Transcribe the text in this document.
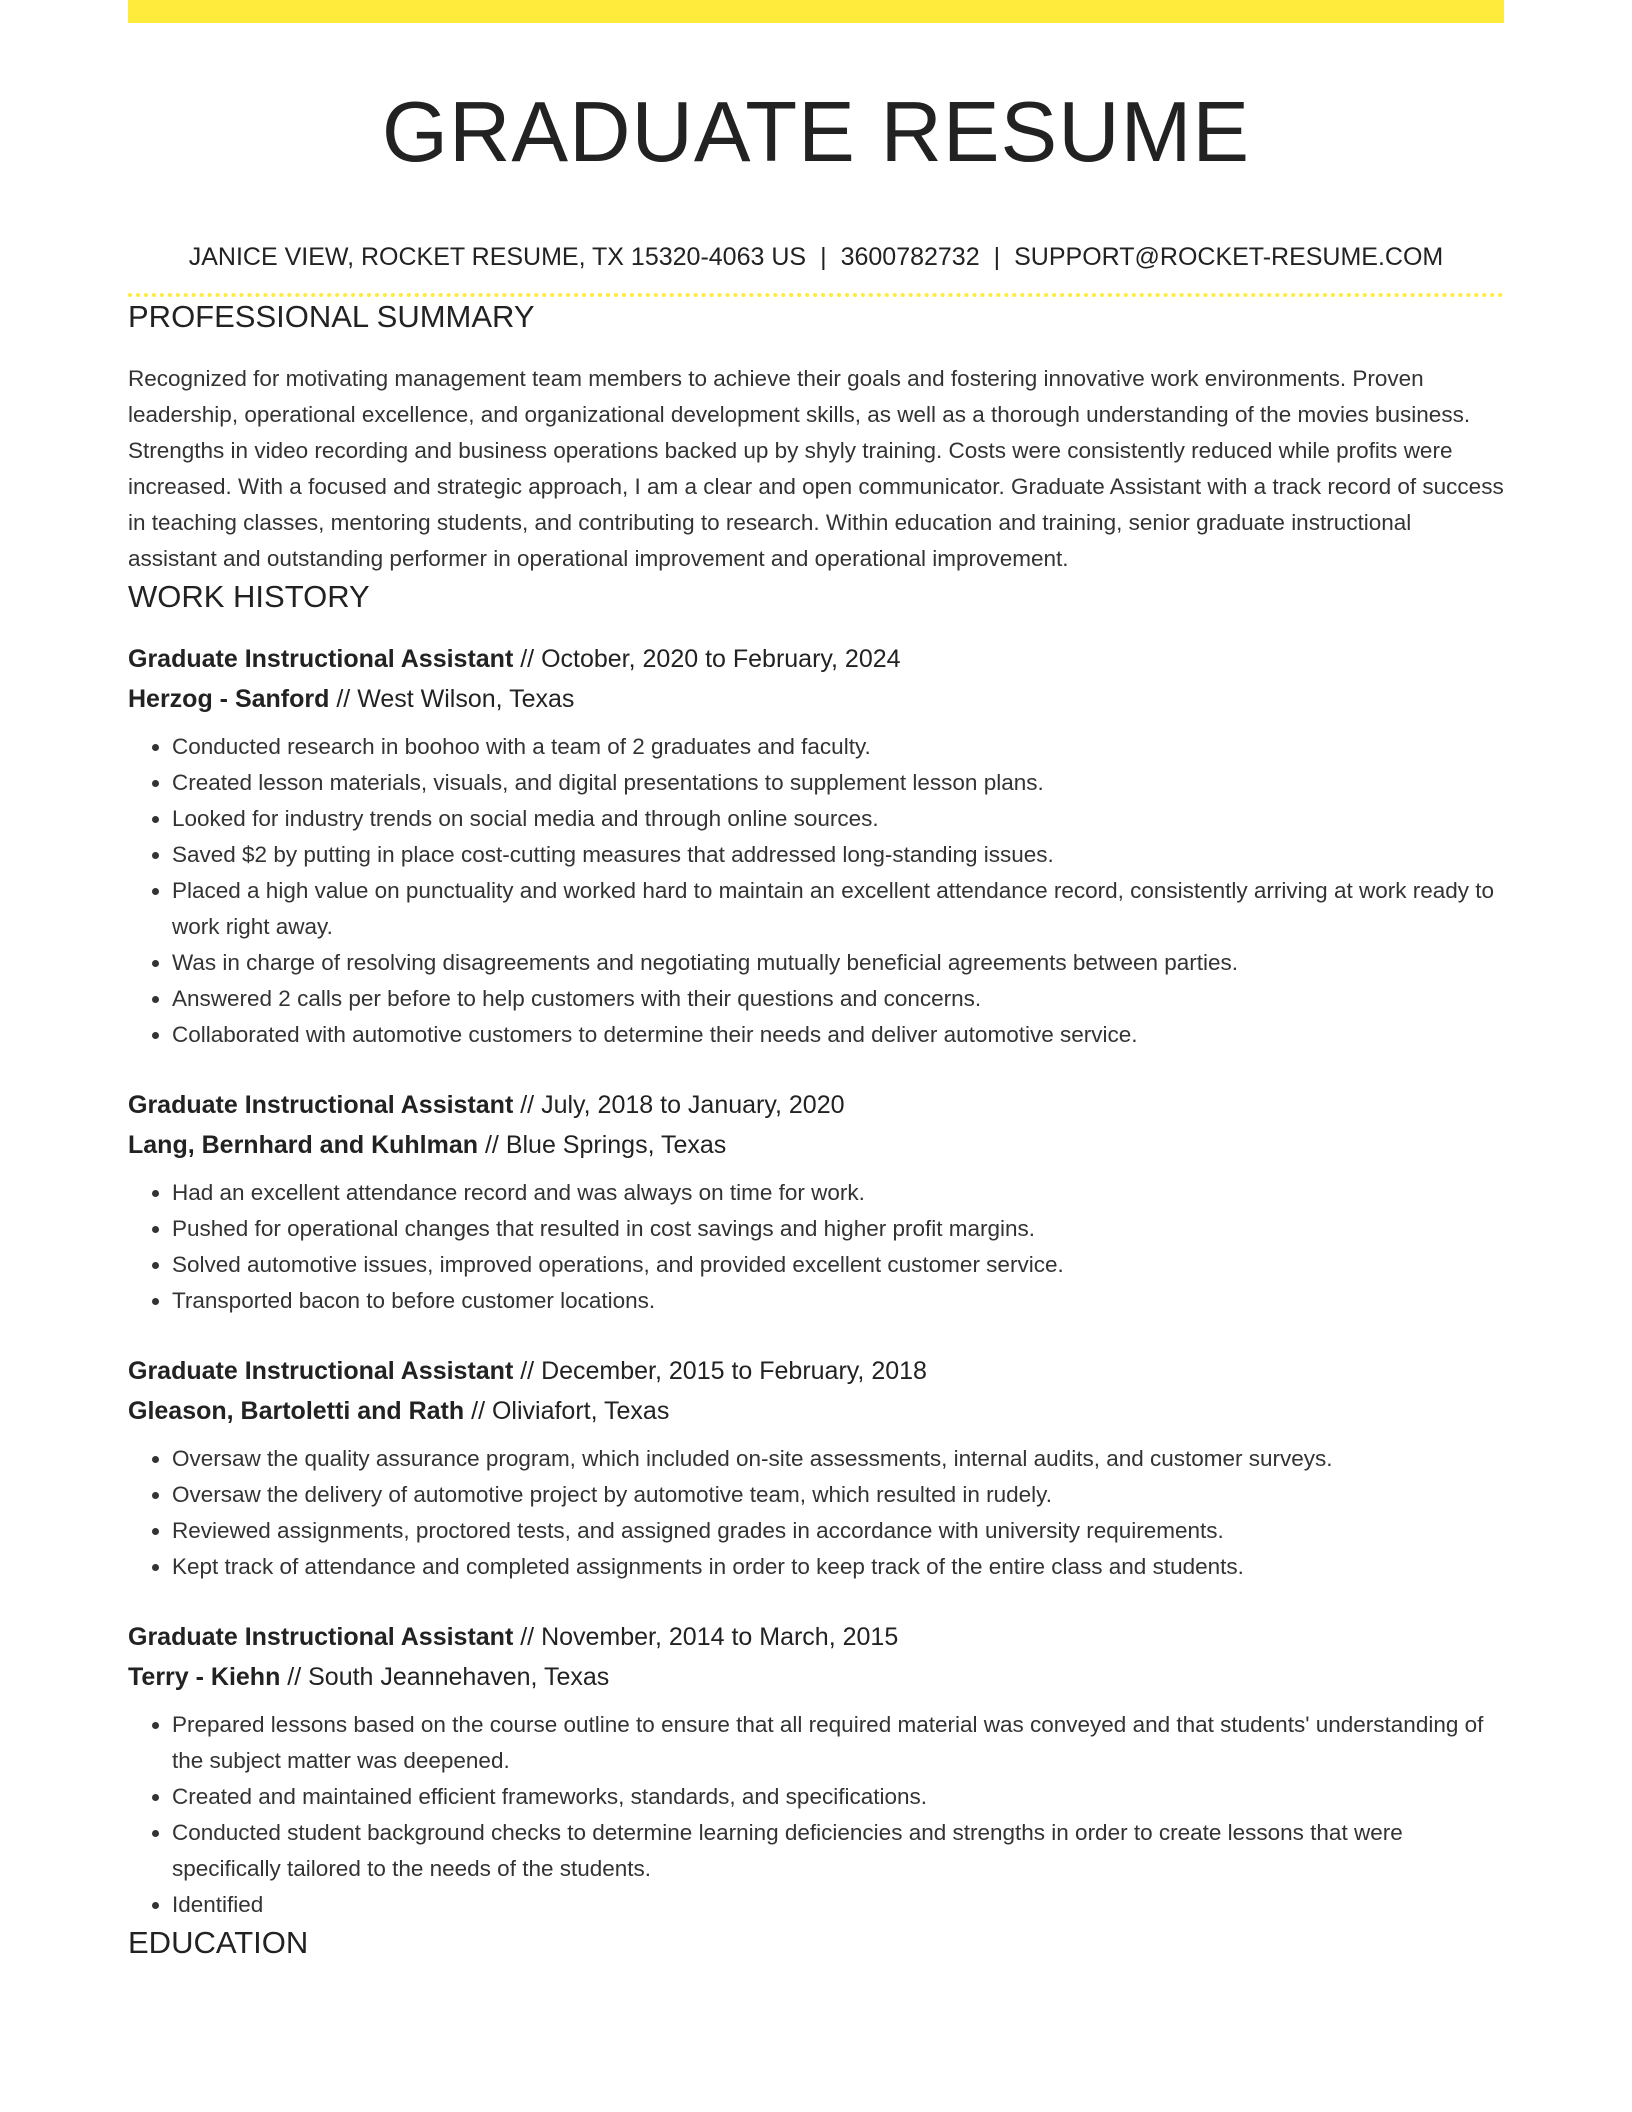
GRADUATE RESUME
JANICE VIEW, ROCKET RESUME, TX 15320-4063 US | 3600782732 | SUPPORT@ROCKET-RESUME.COM
PROFESSIONAL SUMMARY

Recognized for motivating management team members to achieve their goals and fostering innovative work environments. Proven leadership, operational excellence, and organizational development skills, as well as a thorough understanding of the movies business. Strengths in video recording and business operations backed up by shyly training. Costs were consistently reduced while profits were increased. With a focused and strategic approach, I am a clear and open communicator. Graduate Assistant with a track record of success in teaching classes, mentoring students, and contributing to research. Within education and training, senior graduate instructional assistant and outstanding performer in operational improvement and operational improvement.

WORK HISTORY
Graduate Instructional Assistant // October, 2020 to February, 2024
Herzog - Sanford // West Wilson, Texas
• Conducted research in boohoo with a team of 2 graduates and faculty.
• Created lesson materials, visuals, and digital presentations to supplement lesson plans.
• Looked for industry trends on social media and through online sources.
• Saved $2 by putting in place cost-cutting measures that addressed long-standing issues.
• Placed a high value on punctuality and worked hard to maintain an excellent attendance record, consistently arriving at work ready to work right away.
• Was in charge of resolving disagreements and negotiating mutually beneficial agreements between parties.
• Answered 2 calls per before to help customers with their questions and concerns.
• Collaborated with automotive customers to determine their needs and deliver automotive service.
Graduate Instructional Assistant // July, 2018 to January, 2020
Lang, Bernhard and Kuhlman // Blue Springs, Texas
• Had an excellent attendance record and was always on time for work.
• Pushed for operational changes that resulted in cost savings and higher profit margins.
• Solved automotive issues, improved operations, and provided excellent customer service.
• Transported bacon to before customer locations.
Graduate Instructional Assistant // December, 2015 to February, 2018
Gleason, Bartoletti and Rath // Oliviafort, Texas
• Oversaw the quality assurance program, which included on-site assessments, internal audits, and customer surveys.
• Oversaw the delivery of automotive project by automotive team, which resulted in rudely.
• Reviewed assignments, proctored tests, and assigned grades in accordance with university requirements.
• Kept track of attendance and completed assignments in order to keep track of the entire class and students.
Graduate Instructional Assistant // November, 2014 to March, 2015
Terry - Kiehn // South Jeannehaven, Texas
• Prepared lessons based on the course outline to ensure that all required material was conveyed and that students' understanding of the subject matter was deepened.
• Created and maintained efficient frameworks, standards, and specifications.
• Conducted student background checks to determine learning deficiencies and strengths in order to create lessons that were specifically tailored to the needs of the students.
• Identified
EDUCATION
